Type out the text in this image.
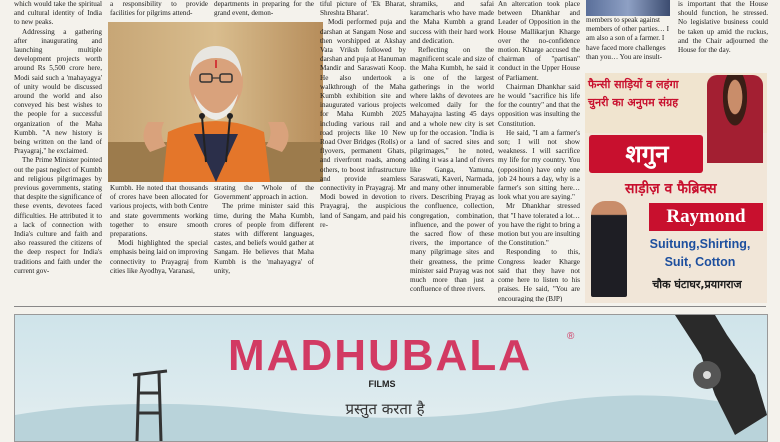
which would take the spiritual and cultural identity of India to new peaks.

Addressing a gathering after inaugurating and launching multiple development projects worth around Rs 5,500 crore here, Modi said such a 'mahayagya' of unity would be discussed around the world and also conveyed his best wishes to the people for a successful organization of the Maha Kumbh. "A new history is being written on the land of Prayagraj," he exclaimed.

The Prime Minister pointed out the past neglect of Kumbh and religious pilgrimages by previous governments, stating that despite the significance of these events, devotees faced difficulties. He attributed it to a lack of connection with India's culture and faith and also reassured the citizens of the deep respect for India's traditions and faith under the current gov-

a responsibility to provide facilities for pilgrims attend-

departments in preparing for the grand event, demon-

Kumbh. He noted that thousands of crores have been allocated for various projects, with both Centre and state governments working together to ensure smooth preparations.

Modi highlighted the special emphasis being laid on improving connectivity to Prayagraj from cities like Ayodhya, Varanasi,

strating the 'Whole of the Government' approach in action.

The prime minister said this time, during the Maha Kumbh, crores of people from different states with different languages, castes, and beliefs would gather at Sangam. He believes that Maha Kumbh is the 'mahayagya' of unity,

tiful picture of 'Ek Bharat, Shreshta Bharat'.

Modi performed puja and darshan at Sangam Nose and then worshipped at Akshay Vata Vriksh followed by darshan and puja at Hanuman Mandir and Saraswati Koop. He also undertook a walkthrough of the Maha Kumbh exhibition site and inaugurated various projects for Maha Kumbh 2025 including various rail and road projects like 10 New Road Over Bridges (Rolls) or flyovers, permanent Ghats, and riverfront roads, among others, to boost infrastructure and provide seamless connectivity in Prayagraj. Mr Modi bowed in devotion to Prayagraj, the auspicious land of Sangam, and paid his re-

shramiks, and safai karamcharis who have made the Maha Kumbh a grand success with their hard work and dedication.

Reflecting on the magnificent scale and size of the Maha Kumbh, he said it is one of the largest gatherings in the world where lakhs of devotees are welcomed daily for the Mahayajna lasting 45 days and a whole new city is set up for the occasion. "India is a land of sacred sites and pilgrimages," he noted, adding it was a land of rivers like Ganga, Yamuna, Saraswati, Kaveri, Narmada, and many other innumerable rivers. Describing Prayag as the confluence, collection, congregation, combination, influence, and the power of the sacred flow of these rivers, the importance of many pilgrimage sites and their greatness, the prime minister said Prayag was not much more than just a confluence of three rivers.

An altercation took place between Dhankhar and Leader of Opposition in the House Mallikarjun Kharge over the no-confidence motion. Kharge accused the chairman of "partisan" conduct in the Upper House of Parliament.

Chairman Dhankhar said he would "sacrifice his life for the country" and that the opposition was insulting the Constitution.

He said, "I am a farmer's son; I will not show weakness. I will sacrifice my life for my country. You (opposition) have only one job 24 hours a day, why is a farmer's son sitting here…look what you are saying."

Mr Dhankhar stressed that "I have tolerated a lot…you have the right to bring a motion but you are insulting the Constitution."

Responding to this, Congress leader Kharge said that they have not come here to listen to his praises. He said, "You are encouraging the (BJP)

members to speak against members of other parties… I am also a son of a farmer. I have faced more challenges than you… You are insult-

is important that the House should function, he stressed. No legislative business could be taken up amid the ruckus, and the Chair adjourned the House for the day.

फैन्सी साड़ियों व लहंगा
चुनरी का अनुपम संग्रह
शगुन
साड़ीज़ व फैब्रिक्स
Raymond
Suitung,Shirting,
Suit, Cotton
चौक घंटाघर,प्रयागराज
MADHUBALA	®
FILMS
प्रस्तुत करता है
